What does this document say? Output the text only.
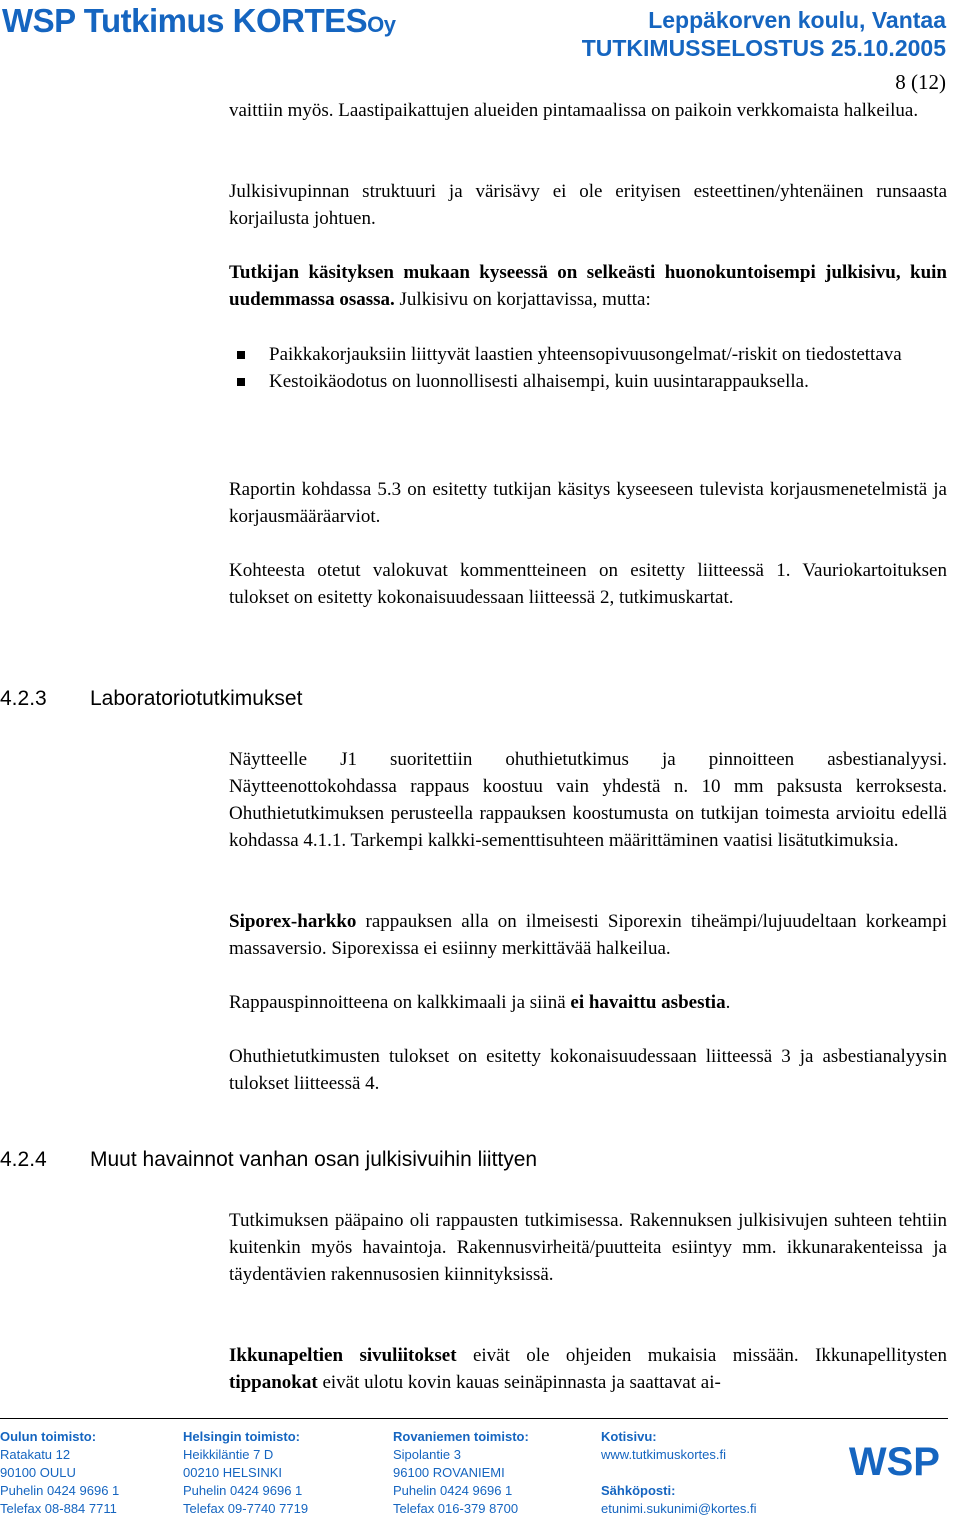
WSP Tutkimus KORTESOy	Leppäkorven koulu, Vantaa
TUTKIMUSSELOSTUS 25.10.2005
8 (12)

vaittiin myös. Laastipaikattujen alueiden pintamaalissa on paikoin verkkomaista halkeilua.

Julkisivupinnan struktuuri ja värisävy ei ole erityisen esteettinen/yhtenäinen runsaasta korjailusta johtuen.

Tutkijan käsityksen mukaan kyseessä on selkeästi huonokuntoisempi julkisivu, kuin uudemmassa osassa. Julkisivu on korjattavissa, mutta:

Paikkakorjauksiin liittyvät laastien yhteensopivuusongelmat/-riskit on tiedostettava
Kestoikäodotus on luonnollisesti alhaisempi, kuin uusintarappauksella.

Raportin kohdassa 5.3 on esitetty tutkijan käsitys kyseeseen tulevista korjausmenetelmistä ja korjausmääräarviot.

Kohteesta otetut valokuvat kommentteineen on esitetty liitteessä 1. Vauriokartoituksen tulokset on esitetty kokonaisuudessaan liitteessä 2, tutkimuskartat.

Näytteelle J1 suoritettiin ohuthietutkimus ja pinnoitteen asbestianalyysi. Näytteenottokohdassa rappaus koostuu vain yhdestä n. 10 mm paksusta kerroksesta. Ohuthietutkimuksen perusteella rappauksen koostumusta on tutkijan toimesta arvioitu edellä kohdassa 4.1.1. Tarkempi kalkki-sementtisuhteen määrittäminen vaatisi lisätutkimuksia.

Siporex-harkko rappauksen alla on ilmeisesti Siporexin tiheämpi/lujuudeltaan korkeampi massaversio. Siporexissa ei esiinny merkittävää halkeilua.

Rappauspinnoitteena on kalkkimaali ja siinä ei havaittu asbestia.

Ohuthietutkimusten tulokset on esitetty kokonaisuudessaan liitteessä 3 ja asbestianalyysin tulokset liitteessä 4.

Tutkimuksen pääpaino oli rappausten tutkimisessa. Rakennuksen julkisivujen suhteen tehtiin kuitenkin myös havaintoja. Rakennusvirheitä/puutteita esiintyy mm. ikkunarakenteissa ja täydentävien rakennusosien kiinnityksissä.

Ikkunapeltien sivuliitokset eivät ole ohjeiden mukaisia missään. Ikkunapellitysten tippanokat eivät ulotu kovin kauas seinäpinnasta ja saattavat ai-

4.2.3 Laboratoriotutkimukset
4.2.4 Muut havainnot vanhan osan julkisivuihin liittyen
Oulun toimisto:
Ratakatu 12
90100 OULU
Puhelin 0424 9696 1
Telefax 08-884 7711
Helsingin toimisto:
Heikkiläntie 7 D
00210 HELSINKI
Puhelin 0424 9696 1
Telefax 09-7740 7719
Rovaniemen toimisto:
Sipolantie 3
96100 ROVANIEMI
Puhelin 0424 9696 1
Telefax 016-379 8700
Kotisivu:
www.tutkimuskortes.fi
Sähköposti:
etunimi.sukunimi@kortes.fi
WSP
